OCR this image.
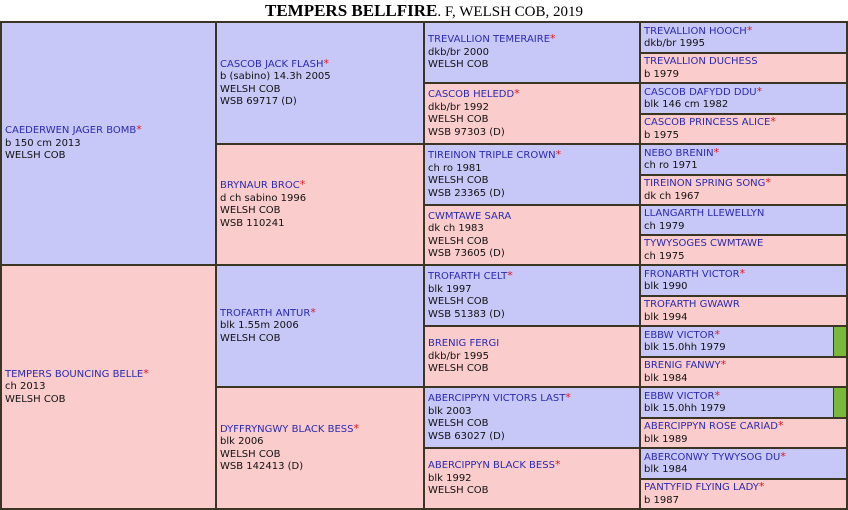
TEMPERS BELLFIRE. F, WELSH COB, 2019
CAEDERWEN JAGER BOMB*
b 150 cm 2013
WELSH COB
TEMPERS BOUNCING BELLE*
ch 2013
WELSH COB
CASCOB JACK FLASH*
b (sabino) 14.3h 2005
WELSH COB
WSB 69717 (D)
BRYNAUR BROC*
d ch sabino 1996
WELSH COB
WSB 110241
TROFARTH ANTUR*
blk 1.55m 2006
WELSH COB
DYFFRYNGWY BLACK BESS*
blk 2006
WELSH COB
WSB 142413 (D)
TREVALLION TEMERAIRE*
dkb/br 2000
WELSH COB
CASCOB HELEDD*
dkb/br 1992
WELSH COB
WSB 97303 (D)
TIREINON TRIPLE CROWN*
ch ro 1981
WELSH COB
WSB 23365 (D)
CWMTAWE SARA
dk ch 1983
WELSH COB
WSB 73605 (D)
TROFARTH CELT*
blk 1997
WELSH COB
WSB 51383 (D)
BRENIG FERGI
dkb/br 1995
WELSH COB
ABERCIPPYN VICTORS LAST*
blk 2003
WELSH COB
WSB 63027 (D)
ABERCIPPYN BLACK BESS*
blk 1992
WELSH COB
TREVALLION HOOCH*
dkb/br 1995
TREVALLION DUCHESS
b 1979
CASCOB DAFYDD DDU*
blk 146 cm 1982
CASCOB PRINCESS ALICE*
b 1975
NEBO BRENIN*
ch ro 1971
TIREINON SPRING SONG*
dk ch 1967
LLANGARTH LLEWELLYN
ch 1979
TYWYSOGES CWMTAWE
ch 1975
FRONARTH VICTOR*
blk 1990
TROFARTH GWAWR
blk 1994
EBBW VICTOR*
blk 15.0hh 1979
BRENIG FANWY*
blk 1984
EBBW VICTOR*
blk 15.0hh 1979
ABERCIPPYN ROSE CARIAD*
blk 1989
ABERCONWY TYWYSOG DU*
blk 1984
PANTYFID FLYING LADY*
b 1987
